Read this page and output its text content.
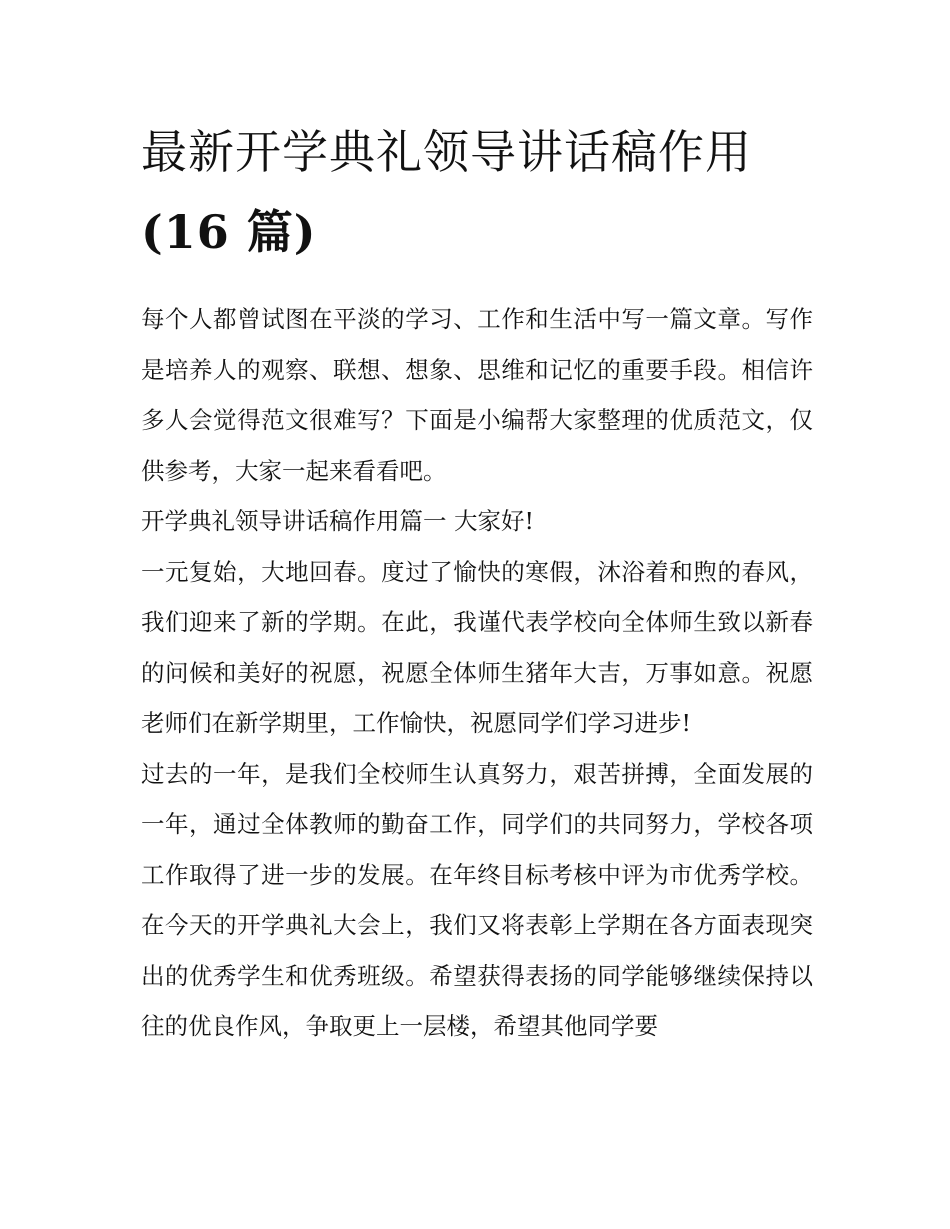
最新开学典礼领导讲话稿作用
(16 篇)

每个人都曾试图在平淡的学习、工作和生活中写一篇文章。写作是培养人的观察、联想、想象、思维和记忆的重要手段。相信许多人会觉得范文很难写？下面是小编帮大家整理的优质范文，仅供参考，大家一起来看看吧。

开学典礼领导讲话稿作用篇一 大家好!

一元复始，大地回春。度过了愉快的寒假，沐浴着和煦的春风，我们迎来了新的学期。在此，我谨代表学校向全体师生致以新春的问候和美好的祝愿，祝愿全体师生猪年大吉，万事如意。祝愿老师们在新学期里，工作愉快，祝愿同学们学习进步!

过去的一年，是我们全校师生认真努力，艰苦拼搏，全面发展的一年，通过全体教师的勤奋工作，同学们的共同努力，学校各项工作取得了进一步的发展。在年终目标考核中评为市优秀学校。在今天的开学典礼大会上，我们又将表彰上学期在各方面表现突出的优秀学生和优秀班级。希望获得表扬的同学能够继续保持以往的优良作风，争取更上一层楼，希望其他同学要
